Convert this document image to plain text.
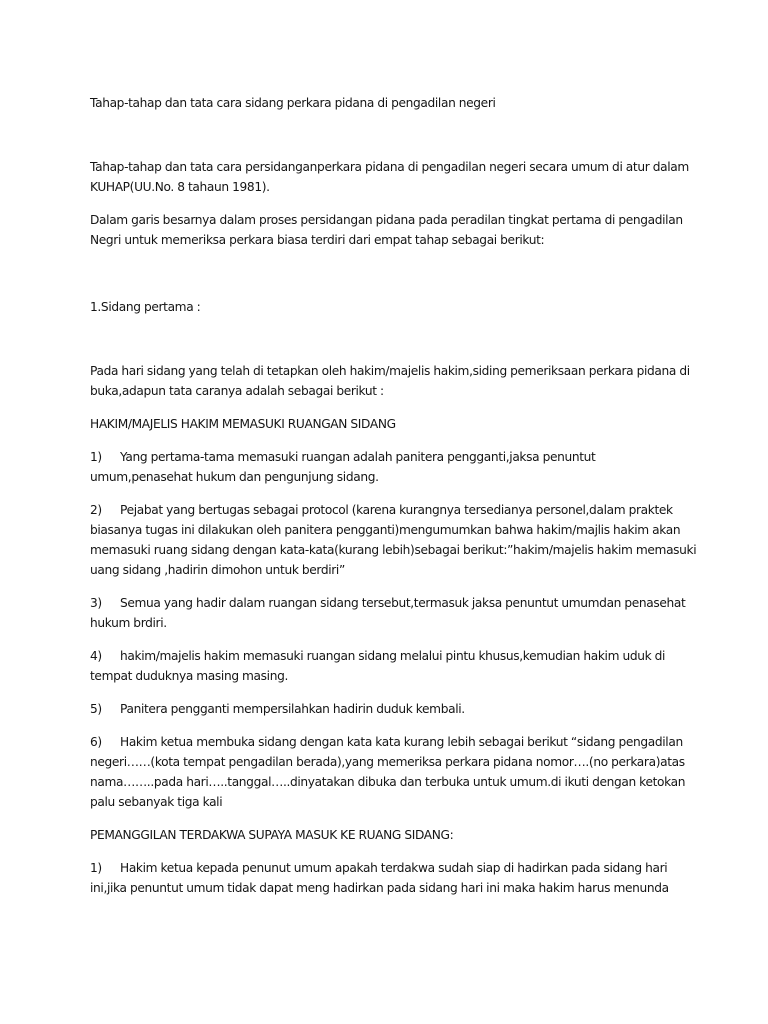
Tahap-tahap dan tata cara sidang perkara pidana di pengadilan negeri

Tahap-tahap dan tata cara persidanganperkara pidana di pengadilan negeri secara umum di atur dalam

KUHAP(UU.No. 8 tahaun 1981).

Dalam garis besarnya dalam proses persidangan pidana pada peradilan tingkat pertama di pengadilan

Negri untuk memeriksa perkara biasa terdiri dari empat tahap sebagai berikut:

1.Sidang pertama :

Pada hari sidang yang telah di tetapkan oleh hakim/majelis hakim,siding pemeriksaan perkara pidana di

buka,adapun tata caranya adalah sebagai berikut :

HAKIM/MAJELIS HAKIM MEMASUKI RUANGAN SIDANG

1) Yang pertama-tama memasuki ruangan adalah panitera pengganti,jaksa penuntut

umum,penasehat hukum dan pengunjung sidang.

2) Pejabat yang bertugas sebagai protocol (karena kurangnya tersedianya personel,dalam praktek

biasanya tugas ini dilakukan oleh panitera pengganti)mengumumkan bahwa hakim/majlis hakim akan

memasuki ruang sidang dengan kata-kata(kurang lebih)sebagai berikut:”hakim/majelis hakim memasuki

uang sidang ,hadirin dimohon untuk berdiri”

3) Semua yang hadir dalam ruangan sidang tersebut,termasuk jaksa penuntut umumdan penasehat

hukum brdiri.

4) hakim/majelis hakim memasuki ruangan sidang melalui pintu khusus,kemudian hakim uduk di

tempat duduknya masing masing.

5) Panitera pengganti mempersilahkan hadirin duduk kembali.

6) Hakim ketua membuka sidang dengan kata kata kurang lebih sebagai berikut “sidang pengadilan

negeri……(kota tempat pengadilan berada),yang memeriksa perkara pidana nomor….(no perkara)atas

nama……..pada hari…..tanggal…..dinyatakan dibuka dan terbuka untuk umum.di ikuti dengan ketokan

palu sebanyak tiga kali

PEMANGGILAN TERDAKWA SUPAYA MASUK KE RUANG SIDANG:

1) Hakim ketua kepada penunut umum apakah terdakwa sudah siap di hadirkan pada sidang hari

ini,jika penuntut umum tidak dapat meng hadirkan pada sidang hari ini maka hakim harus menunda
